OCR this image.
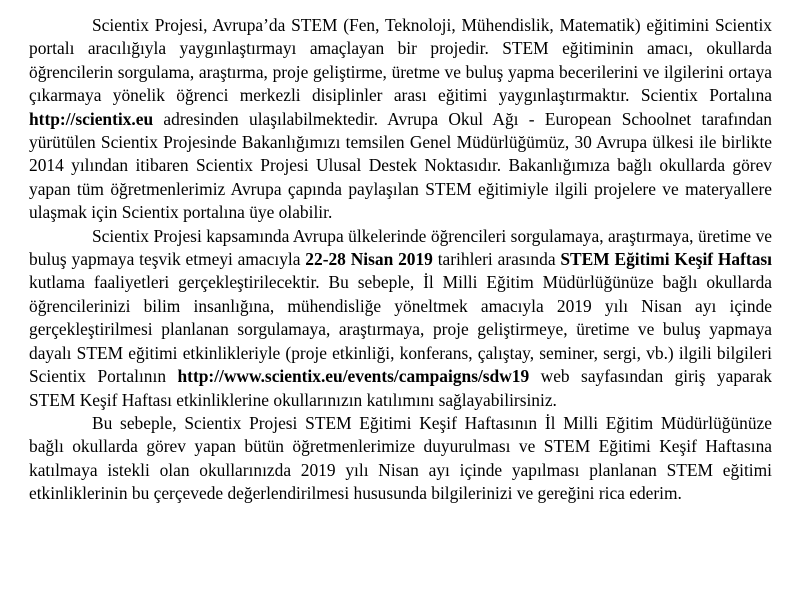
Scientix Projesi, Avrupa’da STEM (Fen, Teknoloji, Mühendislik, Matematik) eğitimini Scientix portalı aracılığıyla yaygınlaştırmayı amaçlayan bir projedir. STEM eğitiminin amacı, okullarda öğrencilerin sorgulama, araştırma, proje geliştirme, üretme ve buluş yapma becerilerini ve ilgilerini ortaya çıkarmaya yönelik öğrenci merkezli disiplinler arası eğitimi yaygınlaştırmaktır. Scientix Portalına http://scientix.eu adresinden ulaşılabilmektedir. Avrupa Okul Ağı - European Schoolnet tarafından yürütülen Scientix Projesinde Bakanlığımızı temsilen Genel Müdürlüğümüz, 30 Avrupa ülkesi ile birlikte 2014 yılından itibaren Scientix Projesi Ulusal Destek Noktasıdır. Bakanlığımıza bağlı okullarda görev yapan tüm öğretmenlerimiz Avrupa çapında paylaşılan STEM eğitimiyle ilgili projelere ve materyallere ulaşmak için Scientix portalına üye olabilir.

Scientix Projesi kapsamında Avrupa ülkelerinde öğrencileri sorgulamaya, araştırmaya, üretime ve buluş yapmaya teşvik etmeyi amacıyla 22-28 Nisan 2019 tarihleri arasında STEM Eğitimi Keşif Haftası kutlama faaliyetleri gerçekleştirilecektir. Bu sebeple, İl Milli Eğitim Müdürlüğünüze bağlı okullarda öğrencilerinizi bilim insanlığına, mühendisliğe yöneltmek amacıyla 2019 yılı Nisan ayı içinde gerçekleştirilmesi planlanan sorgulamaya, araştırmaya, proje geliştirmeye, üretime ve buluş yapmaya dayalı STEM eğitimi etkinlikleriyle (proje etkinliği, konferans, çalıştay, seminer, sergi, vb.) ilgili bilgileri Scientix Portalının http://www.scientix.eu/events/campaigns/sdw19 web sayfasından giriş yaparak STEM Keşif Haftası etkinliklerine okullarınızın katılımını sağlayabilirsiniz.

Bu sebeple, Scientix Projesi STEM Eğitimi Keşif Haftasının İl Milli Eğitim Müdürlüğünüze bağlı okullarda görev yapan bütün öğretmenlerimize duyurulması ve STEM Eğitimi Keşif Haftasına katılmaya istekli olan okullarınızda 2019 yılı Nisan ayı içinde yapılması planlanan STEM eğitimi etkinliklerinin bu çerçevede değerlendirilmesi hususunda bilgilerinizi ve gereğini rica ederim.
